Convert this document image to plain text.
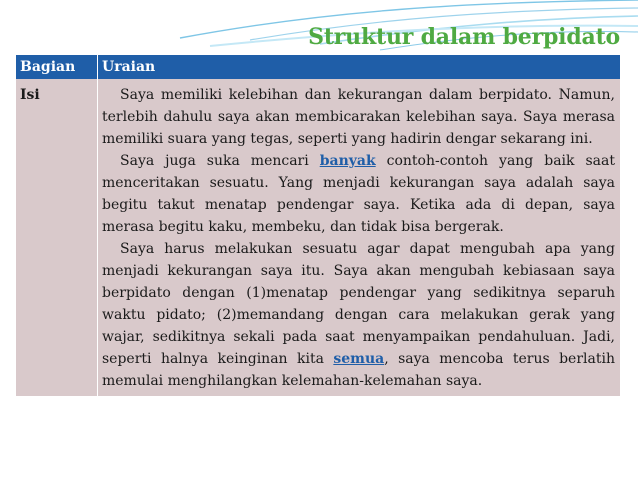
Struktur dalam berpidato
Bagian	Uraian
Isi	Saya memiliki kelebihan dan kekurangan dalam berpidato. Namun, terlebih dahulu saya akan membicarakan kelebihan saya. Saya merasa memiliki suara yang tegas, seperti yang hadirin dengar sekarang ini.

Saya juga suka mencari banyak contoh-contoh yang baik saat menceritakan sesuatu. Yang menjadi kekurangan saya adalah saya begitu takut menatap pendengar saya. Ketika ada di depan, saya merasa begitu kaku, membeku, dan tidak bisa bergerak.

Saya harus melakukan sesuatu agar dapat mengubah apa yang menjadi kekurangan saya itu. Saya akan mengubah kebiasaan saya berpidato dengan (1)menatap pendengar yang sedikitnya separuh waktu pidato; (2)memandang dengan cara melakukan gerak yang wajar, sedikitnya sekali pada saat menyampaikan pendahuluan. Jadi, seperti halnya keinginan kita semua, saya mencoba terus berlatih memulai menghilangkan kelemahan-kelemahan saya.
